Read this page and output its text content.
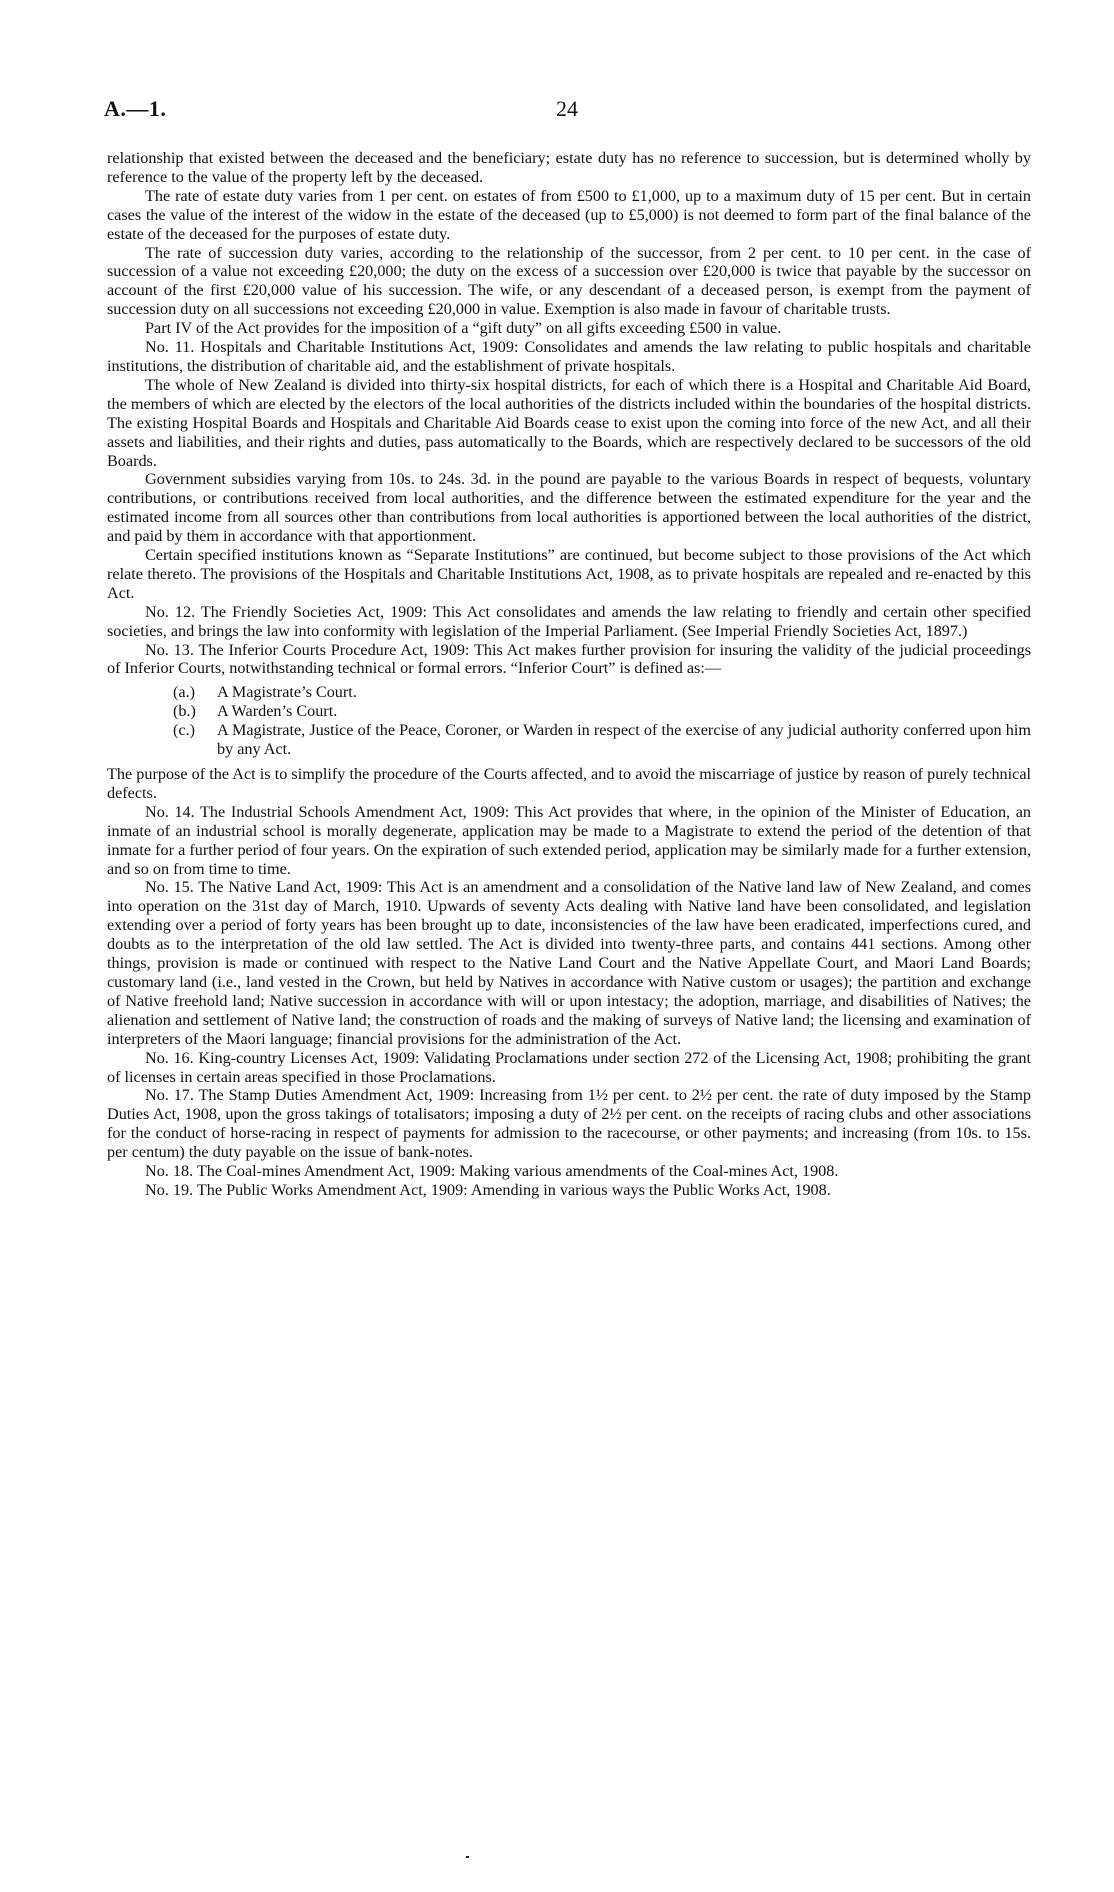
A.—1.	24

relationship that existed between the deceased and the beneficiary; estate duty has no reference to succession, but is determined wholly by reference to the value of the property left by the deceased.

The rate of estate duty varies from 1 per cent. on estates of from £500 to £1,000, up to a maximum duty of 15 per cent. But in certain cases the value of the interest of the widow in the estate of the deceased (up to £5,000) is not deemed to form part of the final balance of the estate of the deceased for the purposes of estate duty.

The rate of succession duty varies, according to the relationship of the successor, from 2 per cent. to 10 per cent. in the case of succession of a value not exceeding £20,000; the duty on the excess of a succession over £20,000 is twice that payable by the successor on account of the first £20,000 value of his succession. The wife, or any descendant of a deceased person, is exempt from the payment of succession duty on all successions not exceeding £20,000 in value. Exemption is also made in favour of charitable trusts.

Part IV of the Act provides for the imposition of a “gift duty” on all gifts exceeding £500 in value.

No. 11. Hospitals and Charitable Institutions Act, 1909: Consolidates and amends the law relating to public hospitals and charitable institutions, the distribution of charitable aid, and the establishment of private hospitals.

The whole of New Zealand is divided into thirty-six hospital districts, for each of which there is a Hospital and Charitable Aid Board, the members of which are elected by the electors of the local authorities of the districts included within the boundaries of the hospital districts. The existing Hospital Boards and Hospitals and Charitable Aid Boards cease to exist upon the coming into force of the new Act, and all their assets and liabilities, and their rights and duties, pass automatically to the Boards, which are respectively declared to be successors of the old Boards.

Government subsidies varying from 10s. to 24s. 3d. in the pound are payable to the various Boards in respect of bequests, voluntary contributions, or contributions received from local authorities, and the difference between the estimated expenditure for the year and the estimated income from all sources other than contributions from local authorities is apportioned between the local authorities of the district, and paid by them in accordance with that apportionment.

Certain specified institutions known as “Separate Institutions” are continued, but become subject to those provisions of the Act which relate thereto. The provisions of the Hospitals and Charitable Institutions Act, 1908, as to private hospitals are repealed and re-enacted by this Act.

No. 12. The Friendly Societies Act, 1909: This Act consolidates and amends the law relating to friendly and certain other specified societies, and brings the law into conformity with legislation of the Imperial Parliament. (See Imperial Friendly Societies Act, 1897.)

No. 13. The Inferior Courts Procedure Act, 1909: This Act makes further provision for insuring the validity of the judicial proceedings of Inferior Courts, notwithstanding technical or formal errors. “Inferior Court” is defined as:—

(a.) A Magistrate’s Court.
(b.) A Warden’s Court.
(c.) A Magistrate, Justice of the Peace, Coroner, or Warden in respect of the exercise of any judicial authority conferred upon him by any Act.

The purpose of the Act is to simplify the procedure of the Courts affected, and to avoid the miscarriage of justice by reason of purely technical defects.

No. 14. The Industrial Schools Amendment Act, 1909: This Act provides that where, in the opinion of the Minister of Education, an inmate of an industrial school is morally degenerate, application may be made to a Magistrate to extend the period of the detention of that inmate for a further period of four years. On the expiration of such extended period, application may be similarly made for a further extension, and so on from time to time.

No. 15. The Native Land Act, 1909: This Act is an amendment and a consolidation of the Native land law of New Zealand, and comes into operation on the 31st day of March, 1910. Upwards of seventy Acts dealing with Native land have been consolidated, and legislation extending over a period of forty years has been brought up to date, inconsistencies of the law have been eradicated, imperfections cured, and doubts as to the interpretation of the old law settled. The Act is divided into twenty-three parts, and contains 441 sections. Among other things, provision is made or continued with respect to the Native Land Court and the Native Appellate Court, and Maori Land Boards; customary land (i.e., land vested in the Crown, but held by Natives in accordance with Native custom or usages); the partition and exchange of Native freehold land; Native succession in accordance with will or upon intestacy; the adoption, marriage, and disabilities of Natives; the alienation and settlement of Native land; the construction of roads and the making of surveys of Native land; the licensing and examination of interpreters of the Maori language; financial provisions for the administration of the Act.

No. 16. King-country Licenses Act, 1909: Validating Proclamations under section 272 of the Licensing Act, 1908; prohibiting the grant of licenses in certain areas specified in those Proclamations.

No. 17. The Stamp Duties Amendment Act, 1909: Increasing from 1½ per cent. to 2½ per cent. the rate of duty imposed by the Stamp Duties Act, 1908, upon the gross takings of totalisators; imposing a duty of 2½ per cent. on the receipts of racing clubs and other associations for the conduct of horse-racing in respect of payments for admission to the racecourse, or other payments; and increasing (from 10s. to 15s. per centum) the duty payable on the issue of bank-notes.

No. 18. The Coal-mines Amendment Act, 1909: Making various amendments of the Coal-mines Act, 1908.

No. 19. The Public Works Amendment Act, 1909: Amending in various ways the Public Works Act, 1908.
